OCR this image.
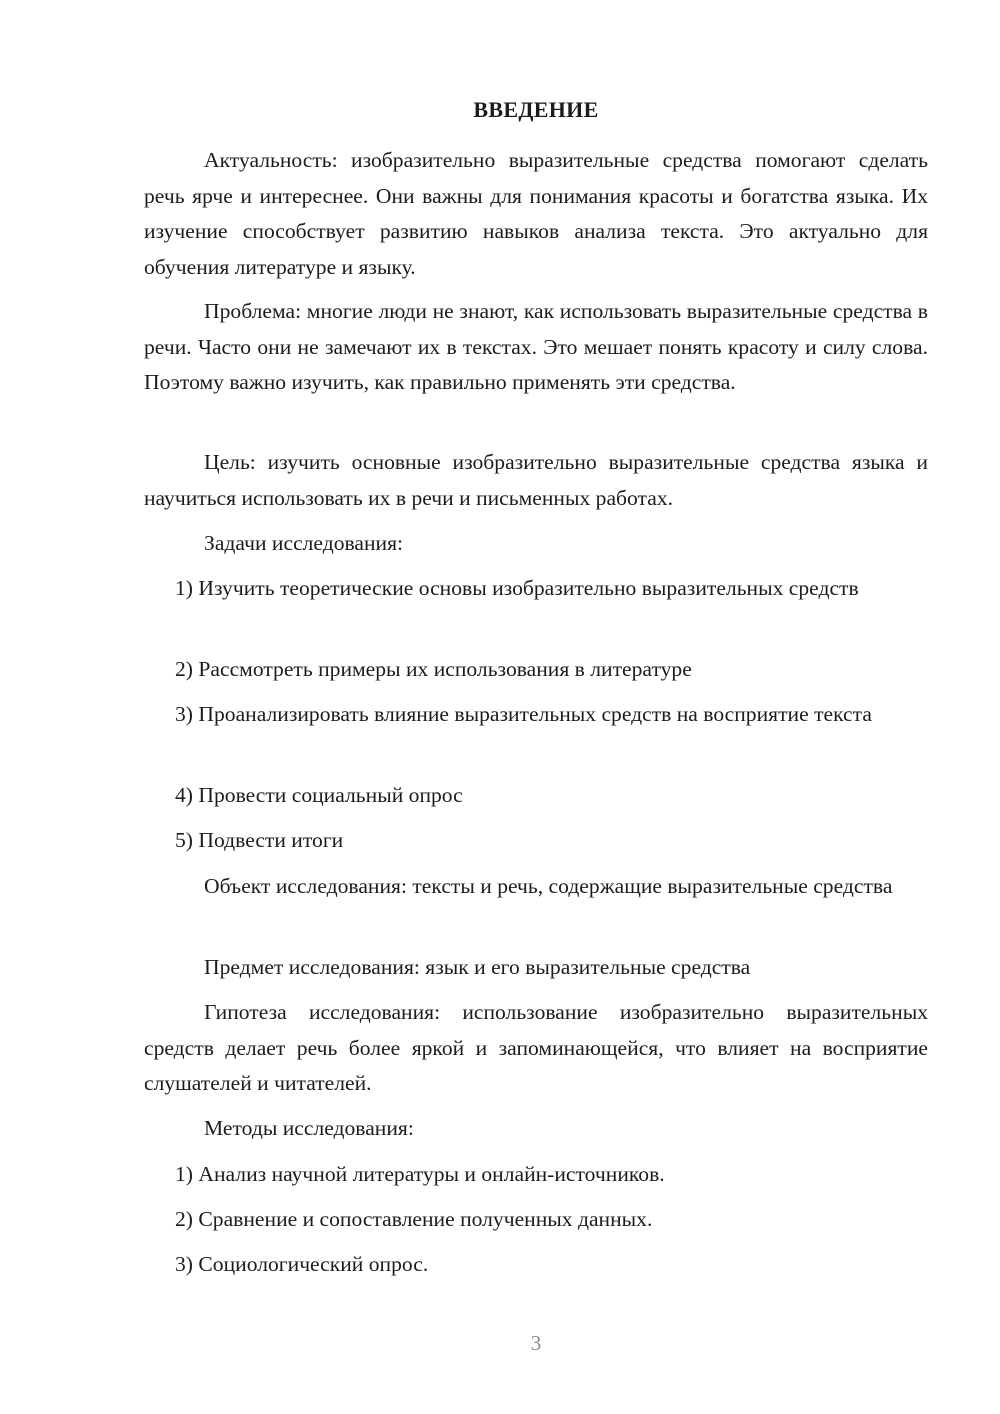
ВВЕДЕНИЕ
Актуальность: изобразительно выразительные средства помогают сделать речь ярче и интереснее. Они важны для понимания красоты и богатства языка. Их изучение способствует развитию навыков анализа текста. Это актуально для обучения литературе и языку.
Проблема: многие люди не знают, как использовать выразительные средства в речи. Часто они не замечают их в текстах. Это мешает понять красоту и силу слова. Поэтому важно изучить, как правильно применять эти средства.
Цель: изучить основные изобразительно выразительные средства языка и научиться использовать их в речи и письменных работах.
Задачи исследования:
1) Изучить теоретические основы изобразительно выразительных средств
2) Рассмотреть примеры их использования в литературе
3) Проанализировать влияние выразительных средств на восприятие текста
4) Провести социальный опрос
5) Подвести итоги
Объект исследования: тексты и речь, содержащие выразительные средства
Предмет исследования: язык и его выразительные средства
Гипотеза исследования: использование изобразительно выразительных средств делает речь более яркой и запоминающейся, что влияет на восприятие слушателей и читателей.
Методы исследования:
1) Анализ научной литературы и онлайн-источников.
2) Сравнение и сопоставление полученных данных.
3) Социологический опрос.
3
